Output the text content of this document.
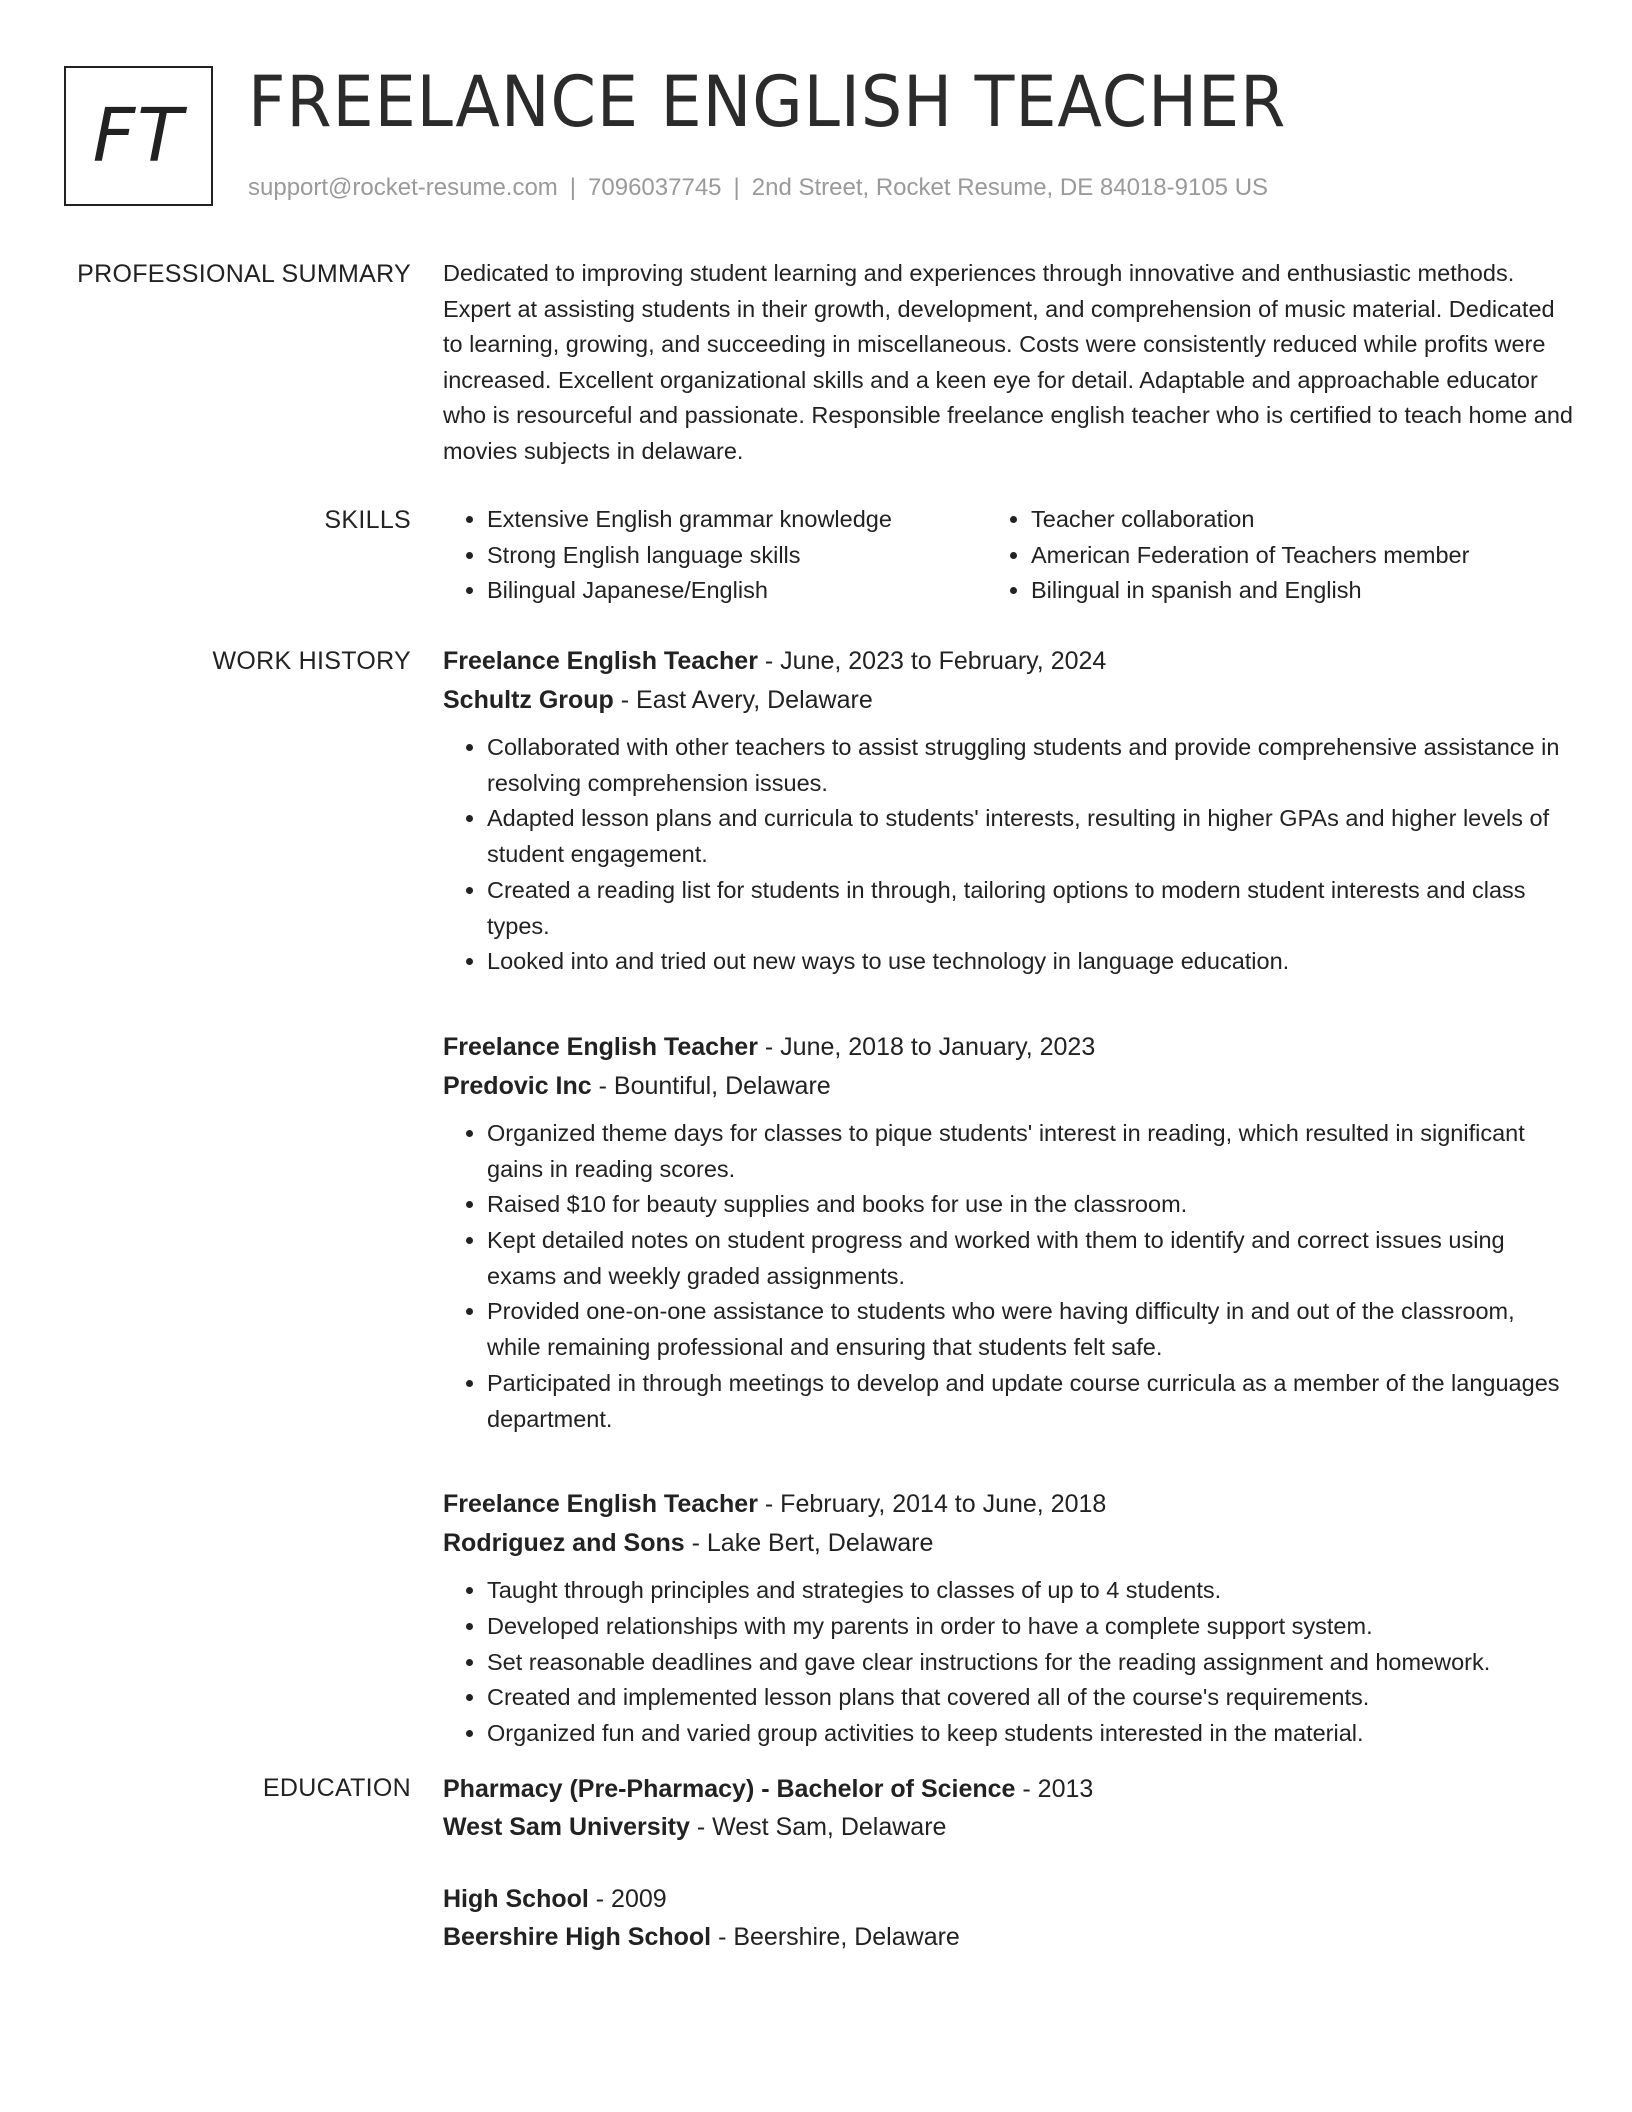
FT FREELANCE ENGLISH TEACHER
support@rocket-resume.com | 7096037745 | 2nd Street, Rocket Resume, DE 84018-9105 US
PROFESSIONAL SUMMARY Dedicated to improving student learning and experiences through innovative and enthusiastic methods. Expert at assisting students in their growth, development, and comprehension of music material. Dedicated to learning, growing, and succeeding in miscellaneous. Costs were consistently reduced while profits were increased. Excellent organizational skills and a keen eye for detail. Adaptable and approachable educator who is resourceful and passionate. Responsible freelance english teacher who is certified to teach home and movies subjects in delaware.

SKILLS
•	Extensive English grammar knowledge
• Strong English language skills
• Bilingual Japanese/English
• Teacher collaboration
• American Federation of Teachers member
• Bilingual in spanish and English
WORK HISTORY Freelance English Teacher - June, 2023 to February, 2024
Schultz Group - East Avery, Delaware
• Collaborated with other teachers to assist struggling students and provide comprehensive assistance in resolving comprehension issues.
• Adapted lesson plans and curricula to students' interests, resulting in higher GPAs and higher levels of student engagement.
• Created a reading list for students in through, tailoring options to modern student interests and class types.
• Looked into and tried out new ways to use technology in language education.
Freelance English Teacher - June, 2018 to January, 2023
Predovic Inc - Bountiful, Delaware
• Organized theme days for classes to pique students' interest in reading, which resulted in significant gains in reading scores.
• Raised $10 for beauty supplies and books for use in the classroom.
• Kept detailed notes on student progress and worked with them to identify and correct issues using exams and weekly graded assignments.
• Provided one-on-one assistance to students who were having difficulty in and out of the classroom, while remaining professional and ensuring that students felt safe.
• Participated in through meetings to develop and update course curricula as a member of the languages department.
Freelance English Teacher - February, 2014 to June, 2018
Rodriguez and Sons - Lake Bert, Delaware
• Taught through principles and strategies to classes of up to 4 students.
• Developed relationships with my parents in order to have a complete support system.
• Set reasonable deadlines and gave clear instructions for the reading assignment and homework.
• Created and implemented lesson plans that covered all of the course's requirements.
• Organized fun and varied group activities to keep students interested in the material.
EDUCATION Pharmacy (Pre-Pharmacy) - Bachelor of Science - 2013
West Sam University - West Sam, Delaware
High School - 2009
Beershire High School - Beershire, Delaware
